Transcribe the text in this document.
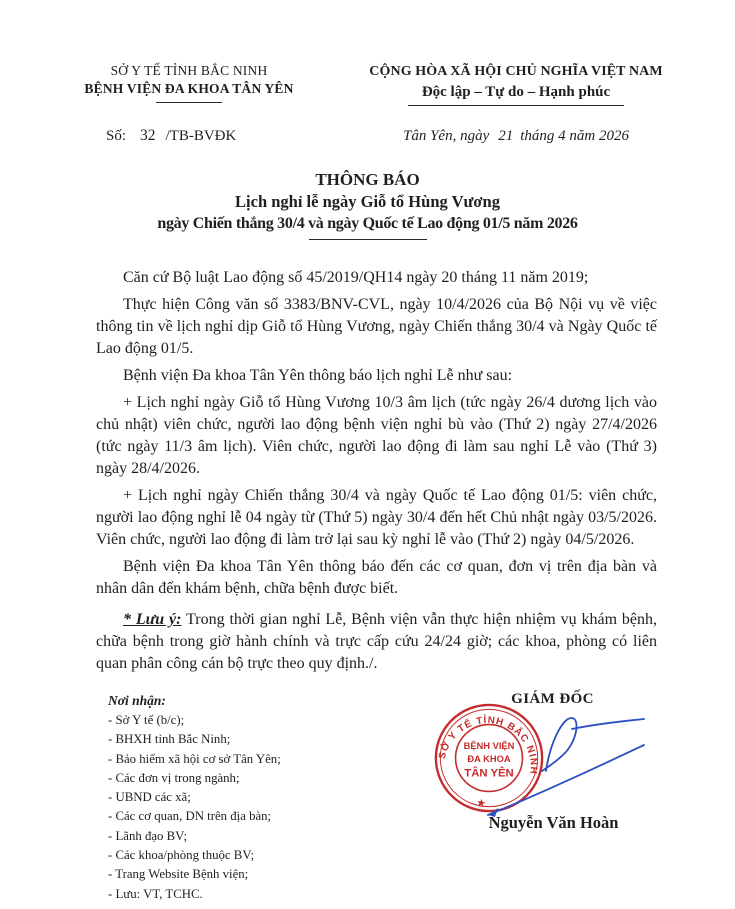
SỞ Y TẾ TỈNH BẮC NINH
BỆNH VIỆN ĐA KHOA TÂN YÊN
Số: 32 /TB-BVĐK
CỘNG HÒA XÃ HỘI CHỦ NGHĨA VIỆT NAM
Độc lập – Tự do – Hạnh phúc
Tân Yên, ngày 21 tháng 4 năm 2026
THÔNG BÁO
Lịch nghỉ lễ ngày Giỗ tổ Hùng Vương
ngày Chiến thắng 30/4 và ngày Quốc tế Lao động 01/5 năm 2026

Căn cứ Bộ luật Lao động số 45/2019/QH14 ngày 20 tháng 11 năm 2019;

Thực hiện Công văn số 3383/BNV-CVL, ngày 10/4/2026 của Bộ Nội vụ về việc thông tin về lịch nghỉ dịp Giỗ tổ Hùng Vương, ngày Chiến thắng 30/4 và Ngày Quốc tế Lao động 01/5.

Bệnh viện Đa khoa Tân Yên thông báo lịch nghỉ Lễ như sau:

+ Lịch nghỉ ngày Giỗ tổ Hùng Vương 10/3 âm lịch (tức ngày 26/4 dương lịch vào chủ nhật) viên chức, người lao động bệnh viện nghỉ bù vào (Thứ 2) ngày 27/4/2026 (tức ngày 11/3 âm lịch). Viên chức, người lao động đi làm sau nghỉ Lễ vào (Thứ 3) ngày 28/4/2026.

+ Lịch nghỉ ngày Chiến thắng 30/4 và ngày Quốc tế Lao động 01/5: viên chức, người lao động nghỉ lễ 04 ngày từ (Thứ 5) ngày 30/4 đến hết Chủ nhật ngày 03/5/2026. Viên chức, người lao động đi làm trở lại sau kỳ nghỉ lễ vào (Thứ 2) ngày 04/5/2026.

Bệnh viện Đa khoa Tân Yên thông báo đến các cơ quan, đơn vị trên địa bàn và nhân dân đến khám bệnh, chữa bệnh được biết.

* Lưu ý: Trong thời gian nghỉ Lễ, Bệnh viện vẫn thực hiện nhiệm vụ khám bệnh, chữa bệnh trong giờ hành chính và trực cấp cứu 24/24 giờ; các khoa, phòng có liên quan phân công cán bộ trực theo quy định./.

Nơi nhận:
- Sở Y tế (b/c);
- BHXH tỉnh Bắc Ninh;
- Bảo hiểm xã hội cơ sở Tân Yên;
- Các đơn vị trong ngành;
- UBND các xã;
- Các cơ quan, DN trên địa bàn;
- Lãnh đạo BV;
- Các khoa/phòng thuộc BV;
- Trang Website Bệnh viện;
- Lưu: VT, TCHC.
GIÁM ĐỐC
SỞ Y TẾ TỈNH BẮC NINH
★
BỆNH VIỆN
ĐA KHOA
TÂN YÊN
Nguyễn Văn Hoàn
